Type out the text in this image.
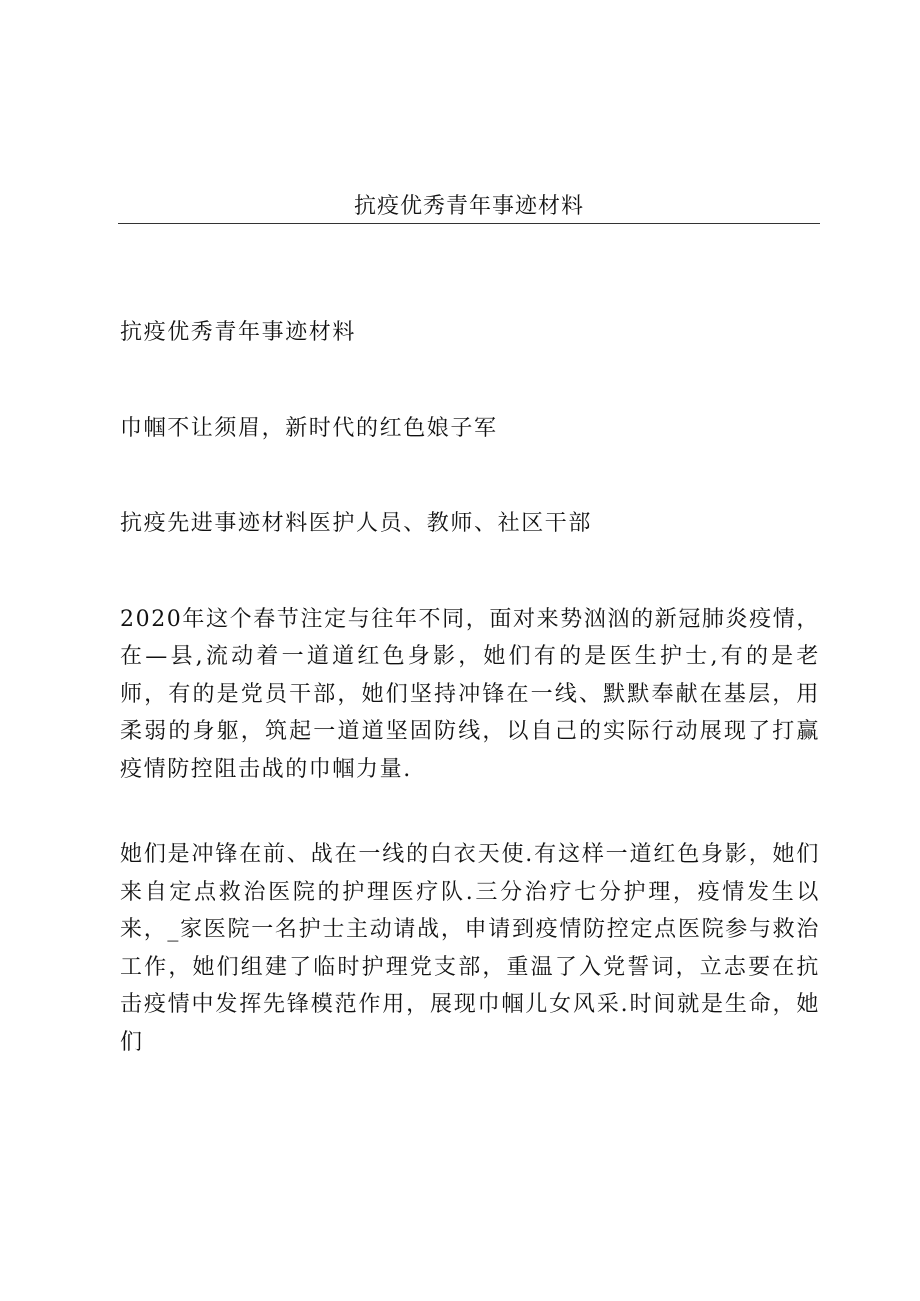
抗疫优秀青年事迹材料

抗疫优秀青年事迹材料

巾帼不让须眉，新时代的红色娘子军

抗疫先进事迹材料医护人员、教师、社区干部

2020年这个春节注定与往年不同，面对来势汹汹的新冠肺炎疫情，在—县,流动着一道道红色身影，她们有的是医生护士,有的是老师，有的是党员干部，她们坚持冲锋在一线、默默奉献在基层，用柔弱的身躯，筑起一道道坚固防线，以自己的实际行动展现了打赢疫情防控阻击战的巾帼力量.

她们是冲锋在前、战在一线的白衣天使.有这样一道红色身影，她们来自定点救治医院的护理医疗队.三分治疗七分护理，疫情发生以来，_家医院一名护士主动请战，申请到疫情防控定点医院参与救治工作，她们组建了临时护理党支部，重温了入党誓词，立志要在抗击疫情中发挥先锋模范作用，展现巾帼儿女风采.时间就是生命，她们
